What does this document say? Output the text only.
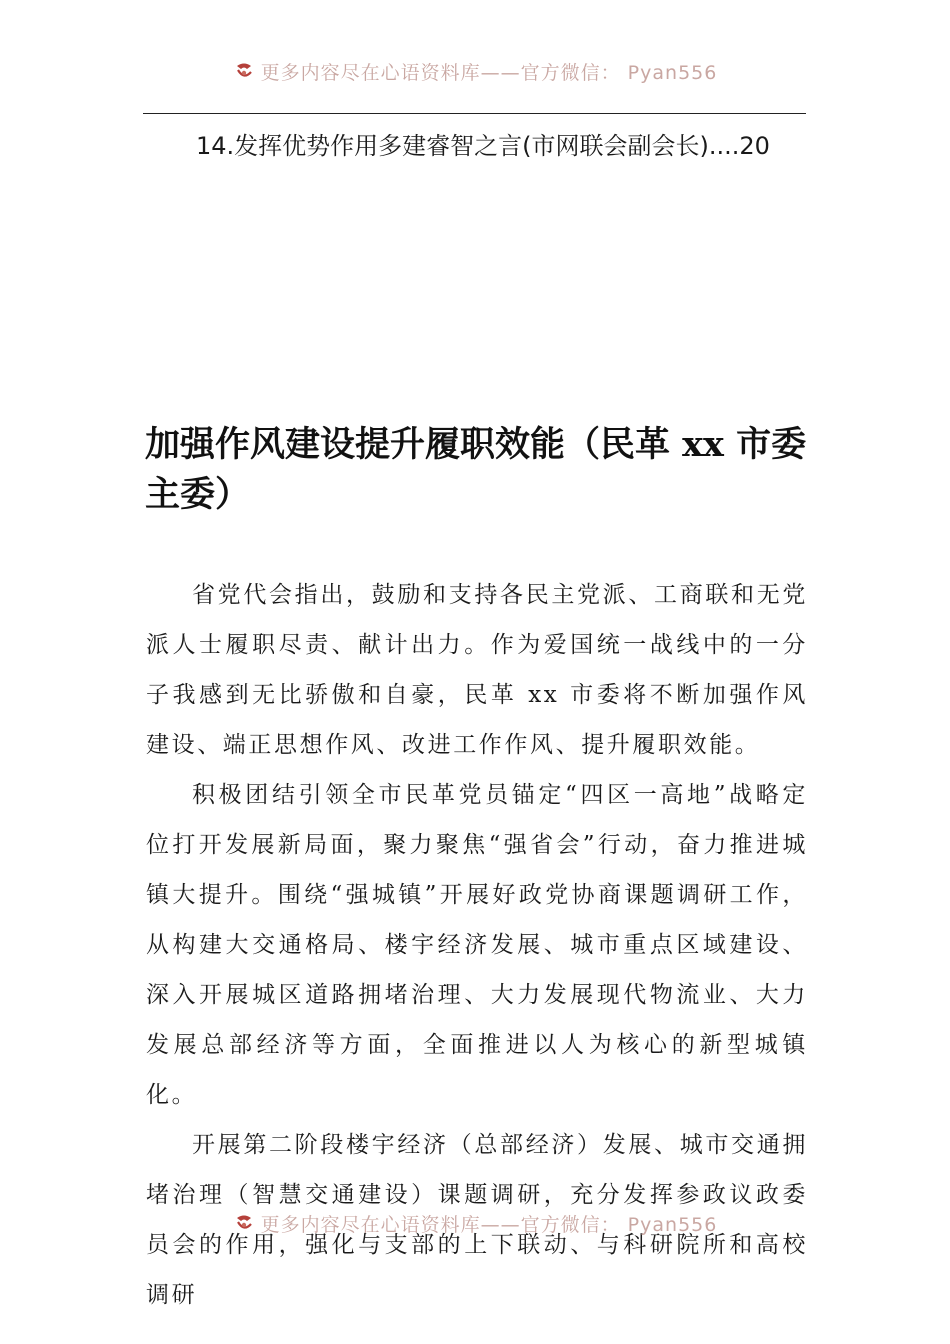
更多内容尽在心语资料库——官方微信： Pyan556
14.发挥优势作用多建睿智之言(市网联会副会长)....20
加强作风建设提升履职效能（民革 xx 市委主委）

省党代会指出，鼓励和支持各民主党派、工商联和无党派人士履职尽责、献计出力。作为爱国统一战线中的一分子我感到无比骄傲和自豪，民革 xx 市委将不断加强作风建设、端正思想作风、改进工作作风、提升履职效能。

积极团结引领全市民革党员锚定“四区一高地”战略定位打开发展新局面，聚力聚焦“强省会”行动，奋力推进城镇大提升。围绕“强城镇”开展好政党协商课题调研工作，从构建大交通格局、楼宇经济发展、城市重点区域建设、深入开展城区道路拥堵治理、大力发展现代物流业、大力发展总部经济等方面，全面推进以人为核心的新型城镇化。

开展第二阶段楼宇经济（总部经济）发展、城市交通拥堵治理（智慧交通建设）课题调研，充分发挥参政议政委员会的作用，强化与支部的上下联动、与科研院所和高校调研

更多内容尽在心语资料库——官方微信： Pyan556
